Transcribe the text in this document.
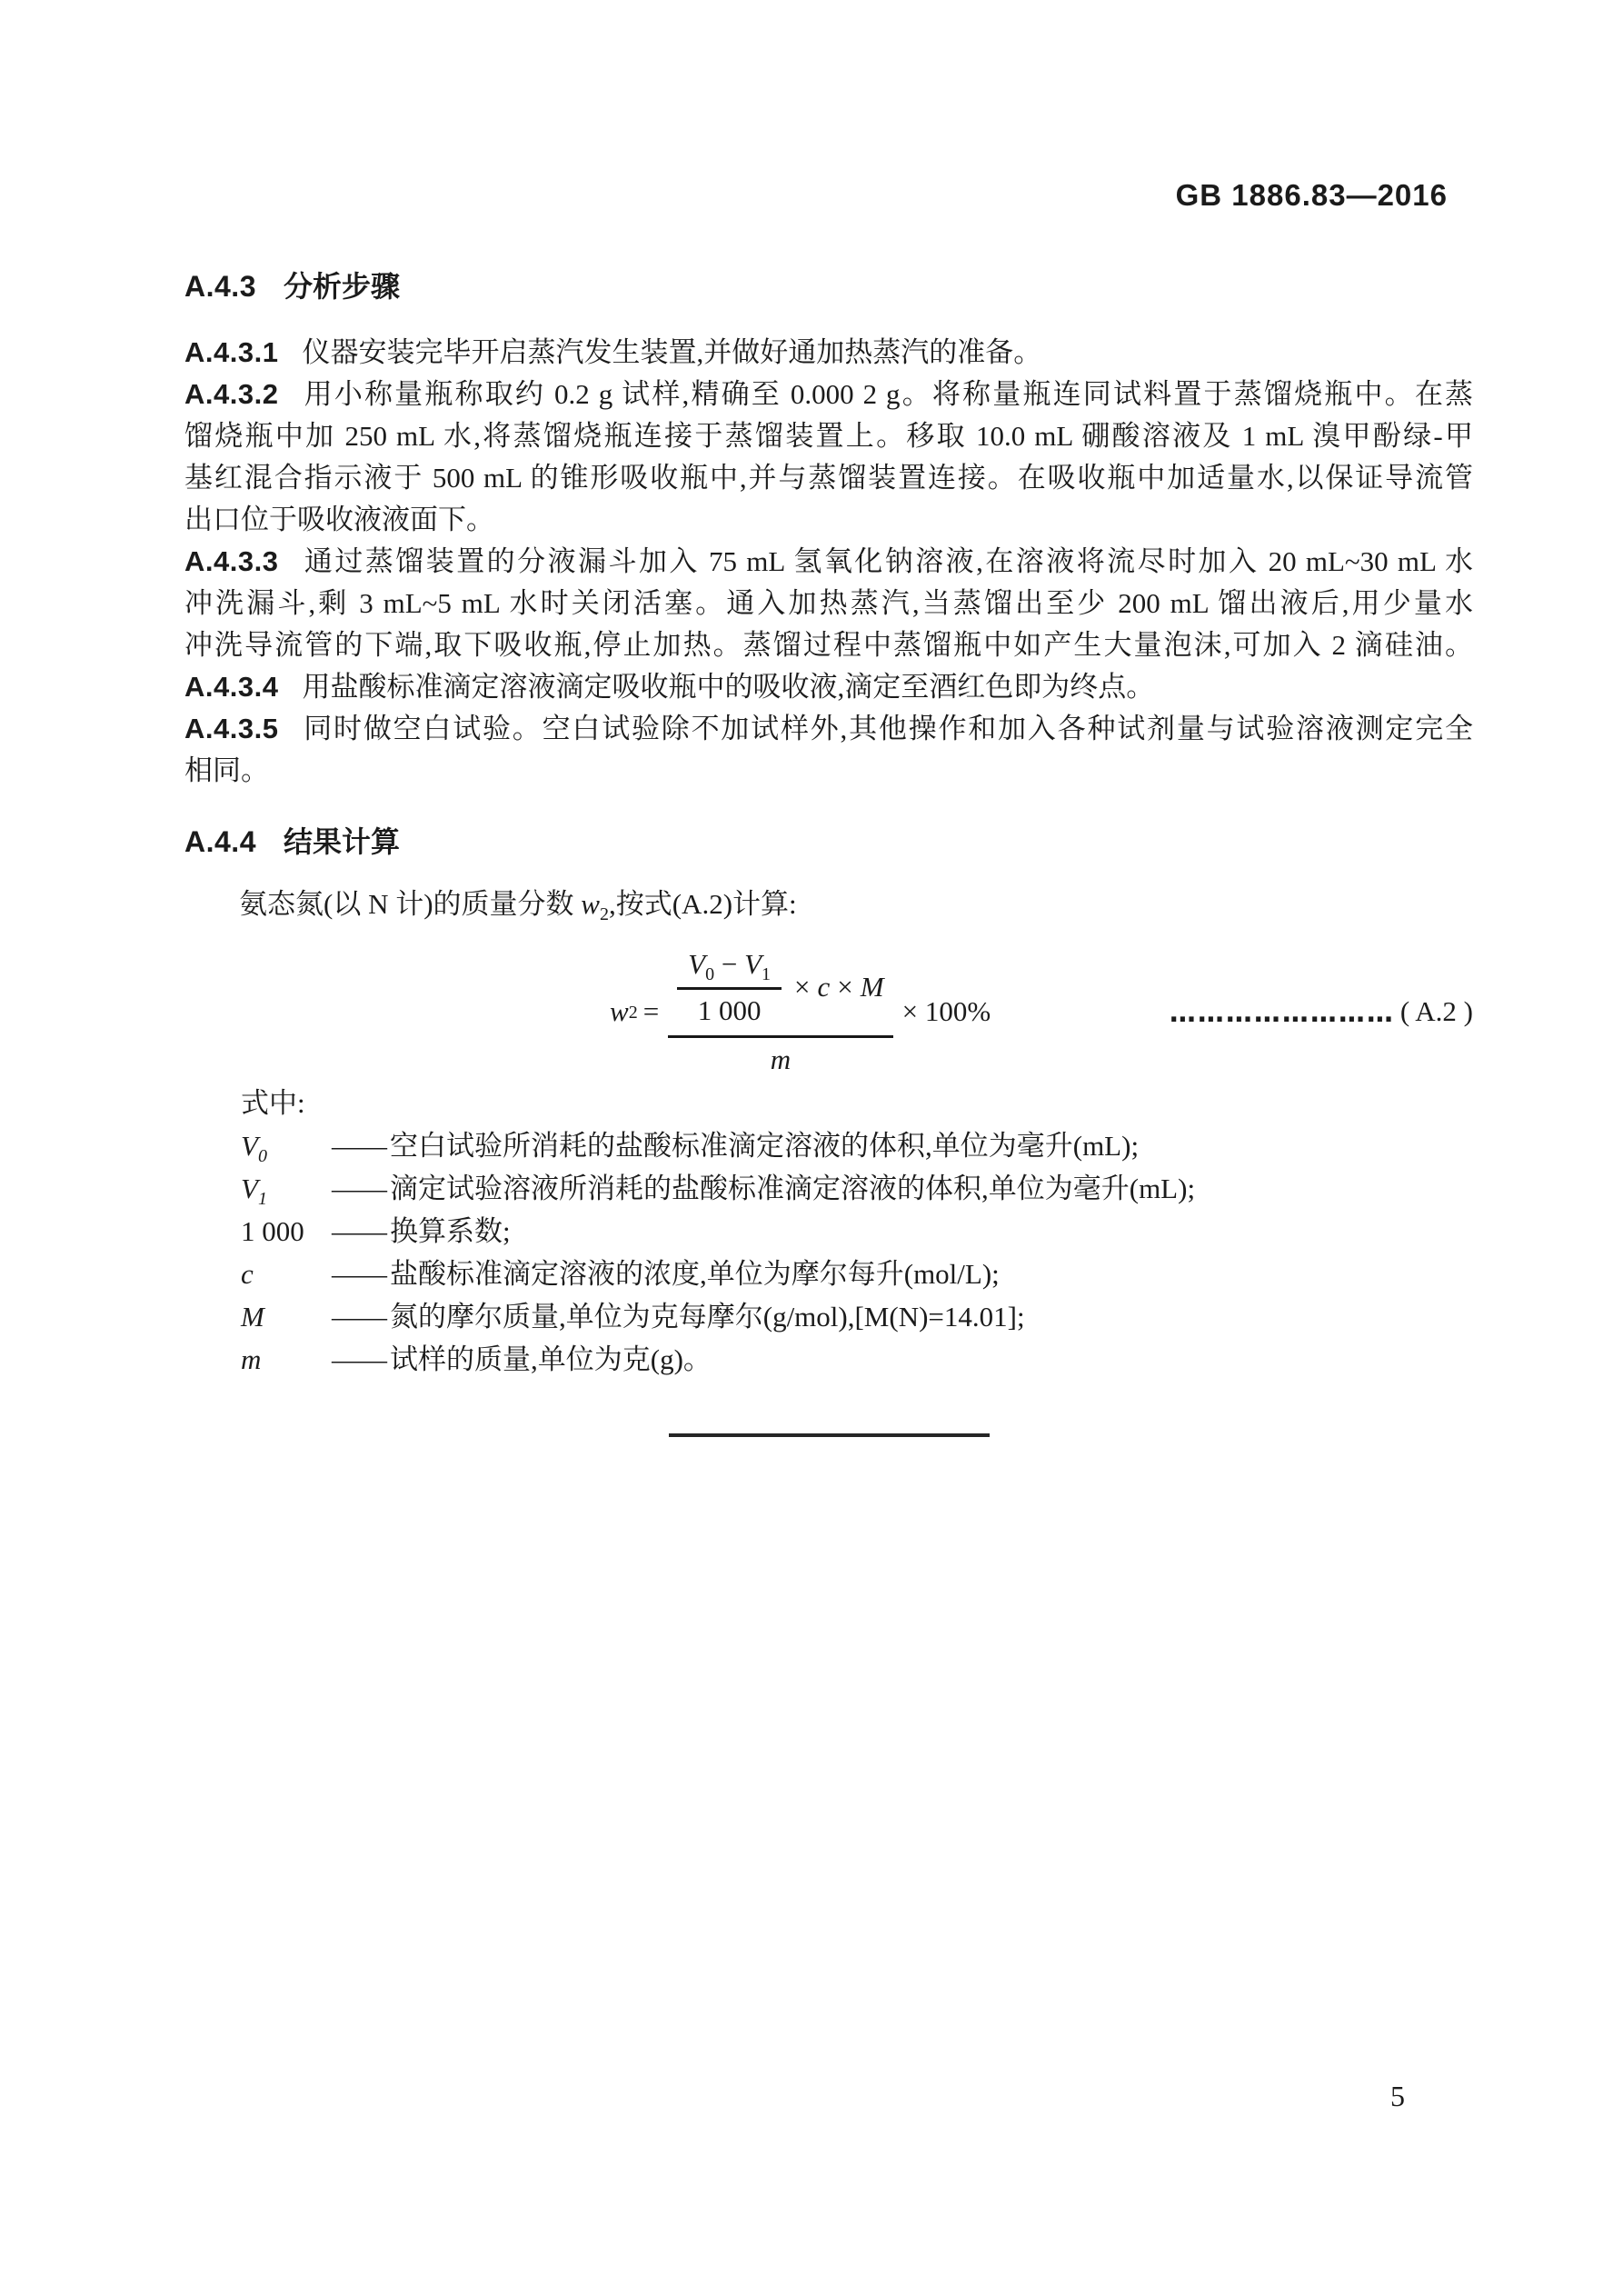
GB 1886.83—2016
A.4.3 分析步骤
A.4.3.1 仪器安装完毕开启蒸汽发生装置,并做好通加热蒸汽的准备。
A.4.3.2 用小称量瓶称取约 0.2 g 试样,精确至 0.000 2 g。将称量瓶连同试料置于蒸馏烧瓶中。在蒸
馏烧瓶中加 250 mL 水,将蒸馏烧瓶连接于蒸馏装置上。移取 10.0 mL 硼酸溶液及 1 mL 溴甲酚绿-甲
基红混合指示液于 500 mL 的锥形吸收瓶中,并与蒸馏装置连接。在吸收瓶中加适量水,以保证导流管
出口位于吸收液液面下。
A.4.3.3 通过蒸馏装置的分液漏斗加入 75 mL 氢氧化钠溶液,在溶液将流尽时加入 20 mL~30 mL 水
冲洗漏斗,剩 3 mL~5 mL 水时关闭活塞。通入加热蒸汽,当蒸馏出至少 200 mL 馏出液后,用少量水
冲洗导流管的下端,取下吸收瓶,停止加热。蒸馏过程中蒸馏瓶中如产生大量泡沫,可加入 2 滴硅油。
A.4.3.4 用盐酸标准滴定溶液滴定吸收瓶中的吸收液,滴定至酒红色即为终点。
A.4.3.5 同时做空白试验。空白试验除不加试样外,其他操作和加入各种试剂量与试验溶液测定完全
相同。
A.4.4 结果计算
氨态氮(以 N 计)的质量分数 $w_2$,按式(A.2)计算:
w $2 = \frac{V_0 - V_1}{1 000} \times c \times M$
m
× 100%	…………………… ( A.2 )
式中:
$V_0$	—— 空白试验所消耗的盐酸标准滴定溶液的体积,单位为毫升(mL);
$V_1$	—— 滴定试验溶液所消耗的盐酸标准滴定溶液的体积,单位为毫升(mL);
1 000 —— 换算系数;
c	—— 盐酸标准滴定溶液的浓度,单位为摩尔每升(mol/L);
M	—— 氮的摩尔质量,单位为克每摩尔(g/mol),[M(N)=14.01];
m	—— 试样的质量,单位为克(g)。
5
